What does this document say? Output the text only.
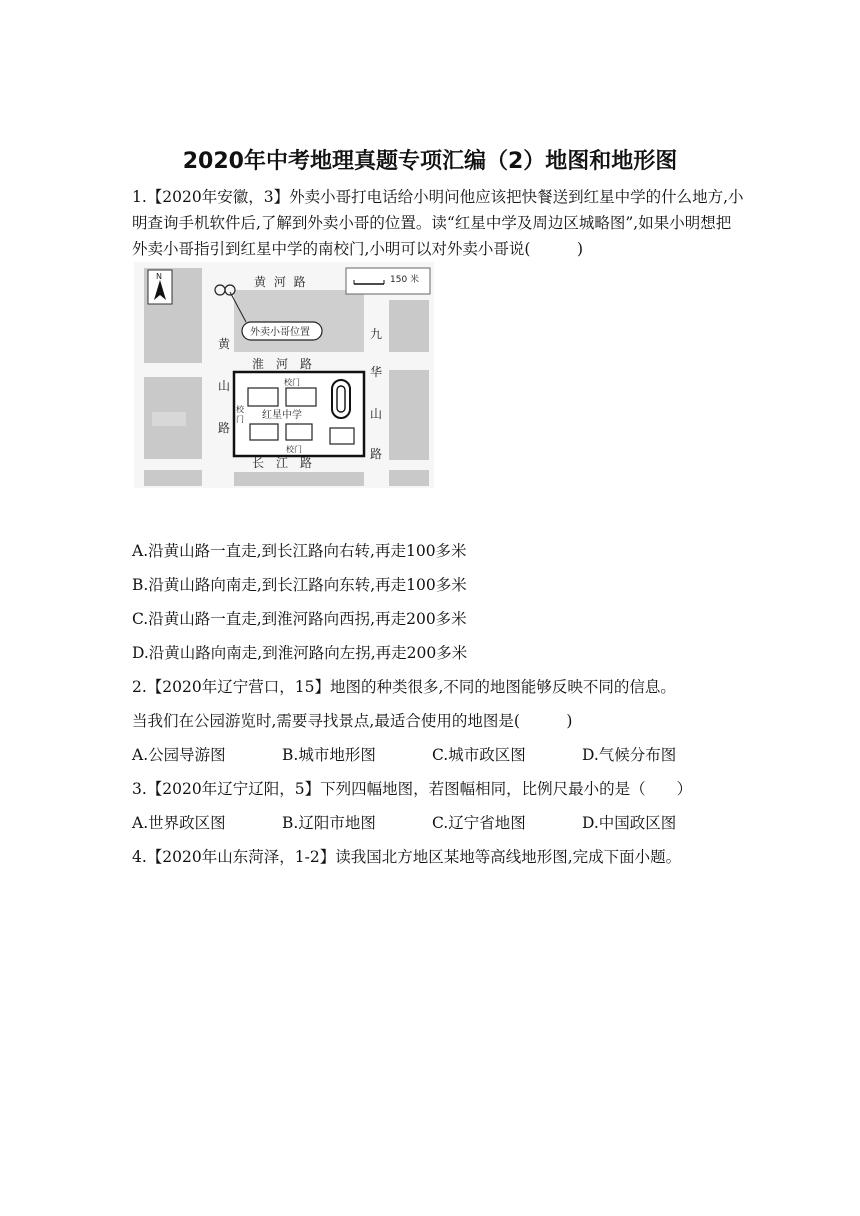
2020年中考地理真题专项汇编（2）地图和地形图
1.【2020年安徽，3】外卖小哥打电话给小明问他应该把快餐送到红星中学的什么地方,小
明查询手机软件后,了解到外卖小哥的位置。读“红星中学及周边区城略图”,如果小明想把
外卖小哥指引到红星中学的南校门,小明可以对外卖小哥说(　　　)
N	150 米
外卖小哥位置
黄 河 路
淮　河　路
长　江　路
黄
山
路
九
华
山
路
校门
校
门 红星中学
校门
A.沿黄山路一直走,到长江路向右转,再走100多米
B.沿黄山路向南走,到长江路向东转,再走100多米
C.沿黄山路一直走,到淮河路向西拐,再走200多米
D.沿黄山路向南走,到淮河路向左拐,再走200多米
2.【2020年辽宁营口，15】地图的种类很多,不同的地图能够反映不同的信息。
当我们在公园游览时,需要寻找景点,最适合使用的地图是(　　　)
A.公园导游图	B.城市地形图	C.城市政区图	D.气候分布图
3.【2020年辽宁辽阳，5】下列四幅地图，若图幅相同，比例尺最小的是（　　）
A.世界政区图	B.辽阳市地图	C.辽宁省地图	D.中国政区图
4.【2020年山东菏泽，1-2】读我国北方地区某地等高线地形图,完成下面小题。
